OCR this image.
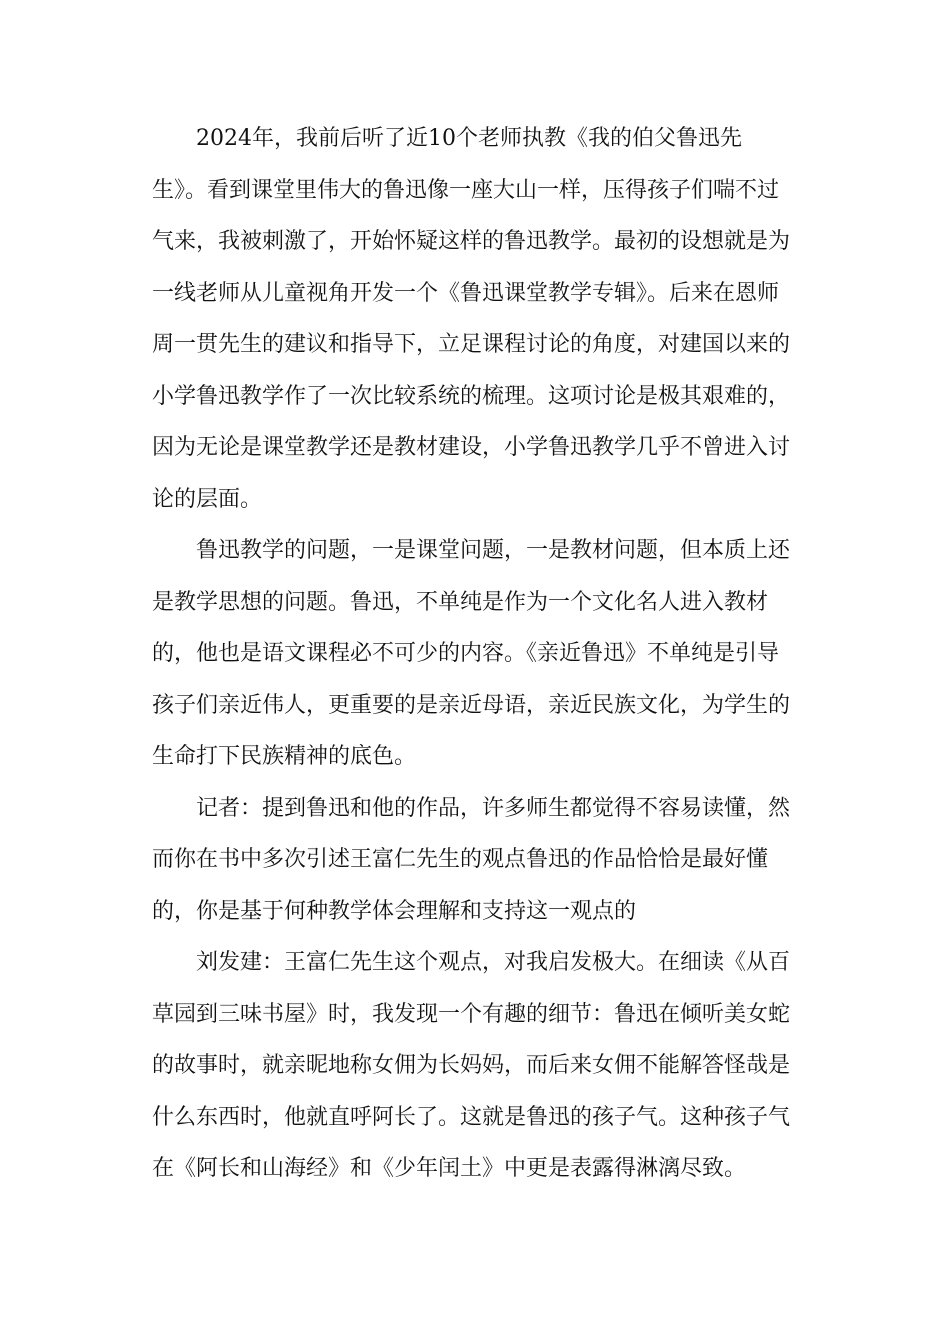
2024年，我前后听了近10个老师执教《我的伯父鲁迅先
生》。看到课堂里伟大的鲁迅像一座大山一样，压得孩子们喘不过
气来，我被刺激了，开始怀疑这样的鲁迅教学。最初的设想就是为
一线老师从儿童视角开发一个《鲁迅课堂教学专辑》。后来在恩师
周一贯先生的建议和指导下，立足课程讨论的角度，对建国以来的
小学鲁迅教学作了一次比较系统的梳理。这项讨论是极其艰难的，
因为无论是课堂教学还是教材建设，小学鲁迅教学几乎不曾进入讨
论的层面。
鲁迅教学的问题，一是课堂问题，一是教材问题，但本质上还
是教学思想的问题。鲁迅，不单纯是作为一个文化名人进入教材
的，他也是语文课程必不可少的内容。《亲近鲁迅》不单纯是引导
孩子们亲近伟人，更重要的是亲近母语，亲近民族文化，为学生的
生命打下民族精神的底色。
记者：提到鲁迅和他的作品，许多师生都觉得不容易读懂，然
而你在书中多次引述王富仁先生的观点鲁迅的作品恰恰是最好懂
的，你是基于何种教学体会理解和支持这一观点的
刘发建：王富仁先生这个观点，对我启发极大。在细读《从百
草园到三味书屋》时，我发现一个有趣的细节：鲁迅在倾听美女蛇
的故事时，就亲昵地称女佣为长妈妈，而后来女佣不能解答怪哉是
什么东西时，他就直呼阿长了。这就是鲁迅的孩子气。这种孩子气
在《阿长和山海经》和《少年闰土》中更是表露得淋漓尽致。
